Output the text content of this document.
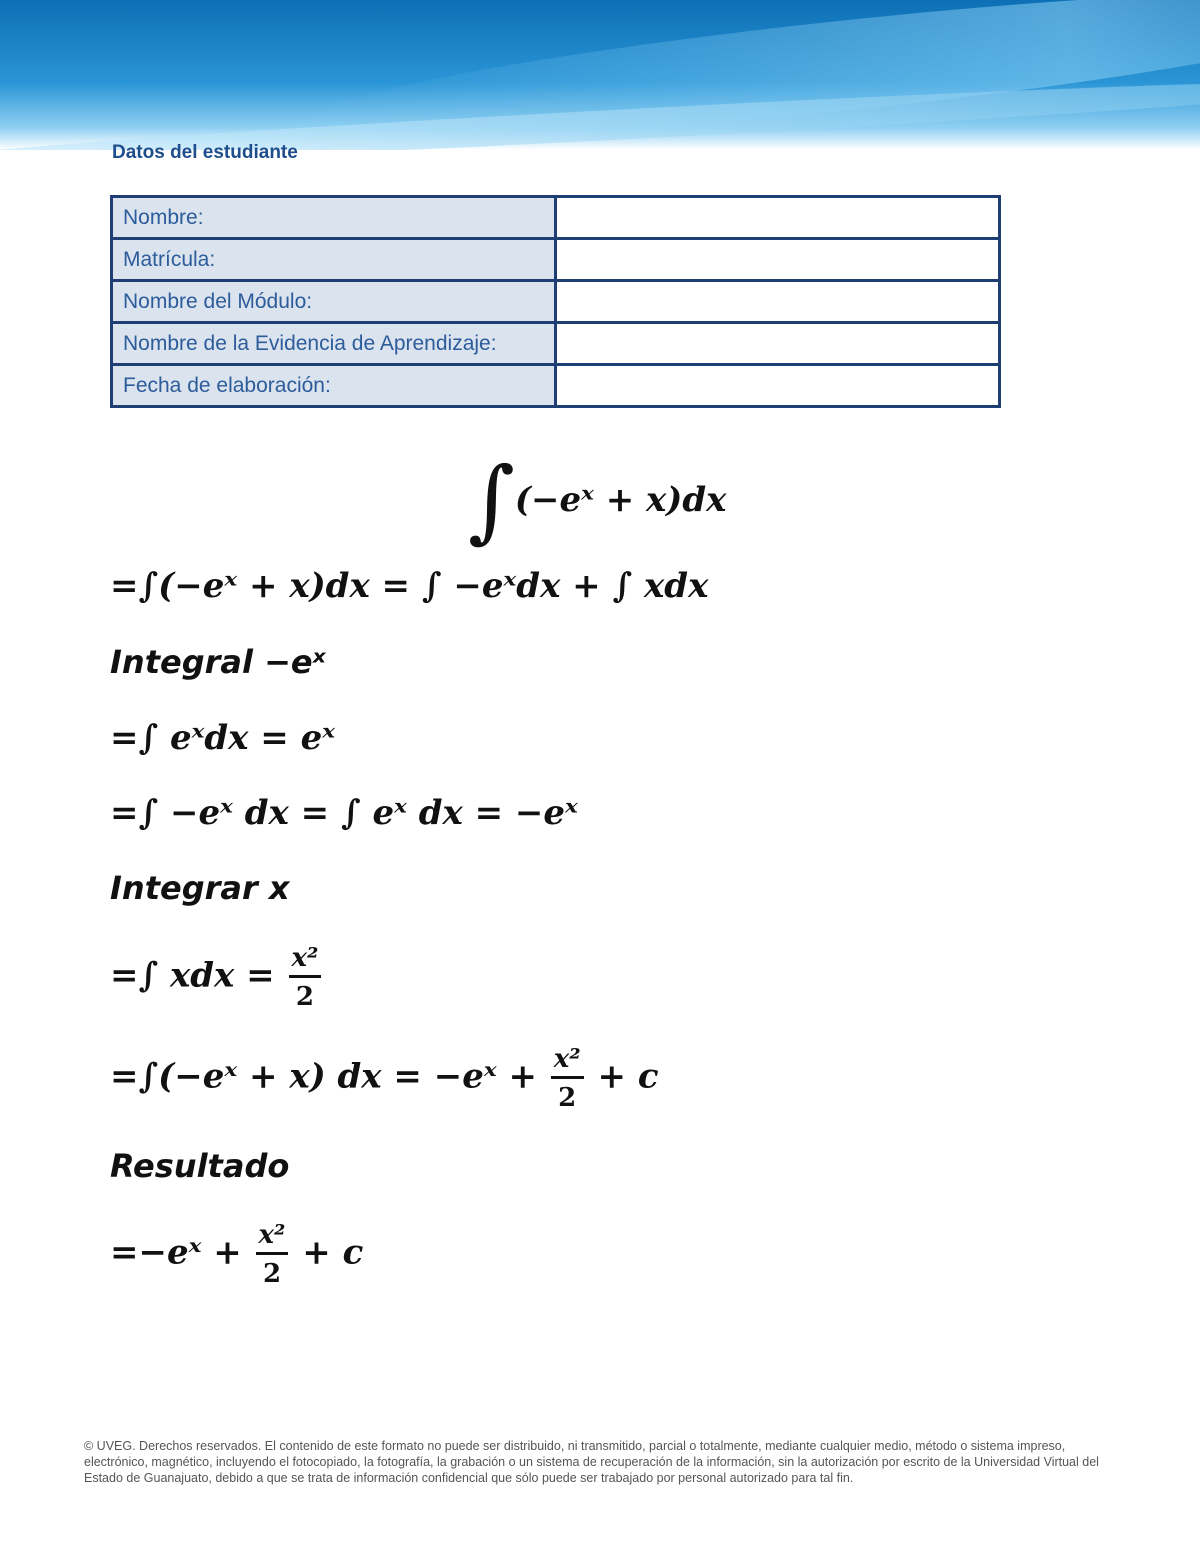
Datos del estudiante
Nombre:	
Matrícula:	
Nombre del Módulo:	
Nombre de la Evidencia de Aprendizaje:	
Fecha de elaboración:	
∫(−eˣ + x)dx
=∫(−eˣ + x)dx = ∫ −eˣdx + ∫ xdx
Integral −eˣ
=∫ eˣdx = eˣ
=∫ −eˣ dx = ∫ eˣ dx = −eˣ
Integrar x
=∫ xdx = $\frac{\text{x²}}{2}$
=∫(−eˣ + x) dx = −eˣ + $\frac{\text{x²}}{2} + c$
Resultado
=−eˣ + $\frac{\text{x²}}{2} + c$
© UVEG. Derechos reservados. El contenido de este formato no puede ser distribuido, ni transmitido, parcial o totalmente, mediante cualquier medio, método o sistema impreso, electrónico, magnético, incluyendo el fotocopiado, la fotografía, la grabación o un sistema de recuperación de la información, sin la autorización por escrito de la Universidad Virtual del Estado de Guanajuato, debido a que se trata de información confidencial que sólo puede ser trabajado por personal autorizado para tal fin.
